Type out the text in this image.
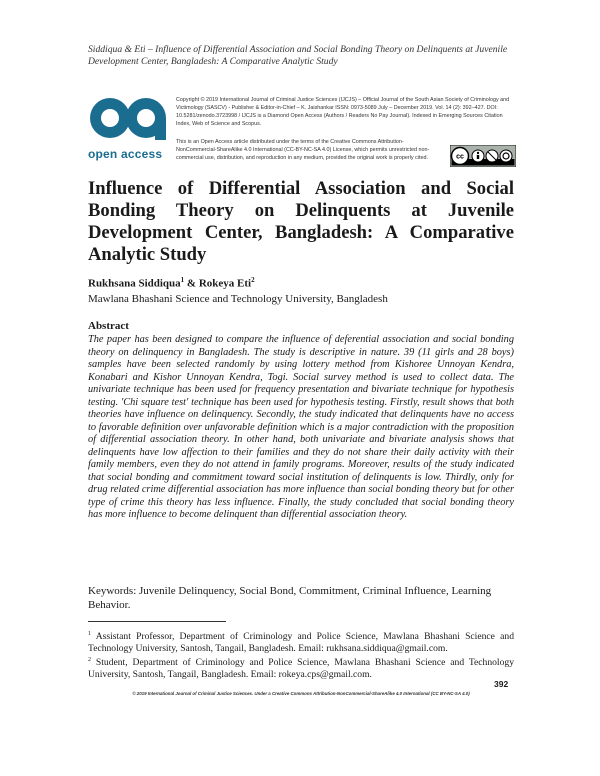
Siddiqua & Eti – Influence of Differential Association and Social Bonding Theory on Delinquents at Juvenile Development Center, Bangladesh: A Comparative Analytic Study
open access
Copyright © 2019 International Journal of Criminal Justice Sciences (IJCJS) – Official Journal of the South Asian Society of Criminology and Victimology (SASCV) - Publisher & Editor-in-Chief – K. Jaishankar ISSN: 0973-5089 July – December 2019. Vol. 14 (2): 392–427. DOI: 10.5281/zenodo.3723998 / IJCJS is a Diamond Open Access (Authors / Readers No Pay Journal). Indexed in Emerging Sources Citation Index, Web of Science and Scopus.
This is an Open Access article distributed under the terms of the Creative Commons Attribution-NonCommercial-ShareAlike 4.0 International (CC-BY-NC-SA 4.0) License, which permits unrestricted non-commercial use, distribution, and reproduction in any medium, provided the original work is properly cited.	cc
Influence of Differential Association and Social Bonding Theory on Delinquents at Juvenile Development Center, Bangladesh: A Comparative Analytic Study
Rukhsana Siddiqua$^1$ & Rokeya Eti$^2$
Mawlana Bhashani Science and Technology University, Bangladesh
Abstract

The paper has been designed to compare the influence of deferential association and social bonding theory on delinquency in Bangladesh. The study is descriptive in nature. 39 (11 girls and 28 boys) samples have been selected randomly by using lottery method from Kishoree Unnoyan Kendra, Konabari and Kishor Unnoyan Kendra, Togi. Social survey method is used to collect data. The univariate technique has been used for frequency presentation and bivariate technique for hypothesis testing. 'Chi square test' technique has been used for hypothesis testing. Firstly, result shows that both theories have influence on delinquency. Secondly, the study indicated that delinquents have no access to favorable definition over unfavorable definition which is a major contradiction with the proposition of differential association theory. In other hand, both univariate and bivariate analysis shows that delinquents have low affection to their families and they do not share their daily activity with their family members, even they do not attend in family programs. Moreover, results of the study indicated that social bonding and commitment toward social institution of delinquents is low. Thirdly, only for drug related crime differential association has more influence than social bonding theory but for other type of crime this theory has less influence. Finally, the study concluded that social bonding theory has more influence to become delinquent than differential association theory.

Keywords: Juvenile Delinquency, Social Bond, Commitment, Criminal Influence, Learning Behavior.

$^1$ Assistant Professor, Department of Criminology and Police Science, Mawlana Bhashani Science and Technology University, Santosh, Tangail, Bangladesh. Email: rukhsana.siddiqua@gmail.com.

$^2$ Student, Department of Criminology and Police Science, Mawlana Bhashani Science and Technology University, Santosh, Tangail, Bangladesh. Email: rokeya.cps@gmail.com.

392
© 2019 International Journal of Criminal Justice Sciences. Under a Creative Commons Attribution-NonCommercial-ShareAlike 4.0 International (CC BY-NC-SA 4.0)
